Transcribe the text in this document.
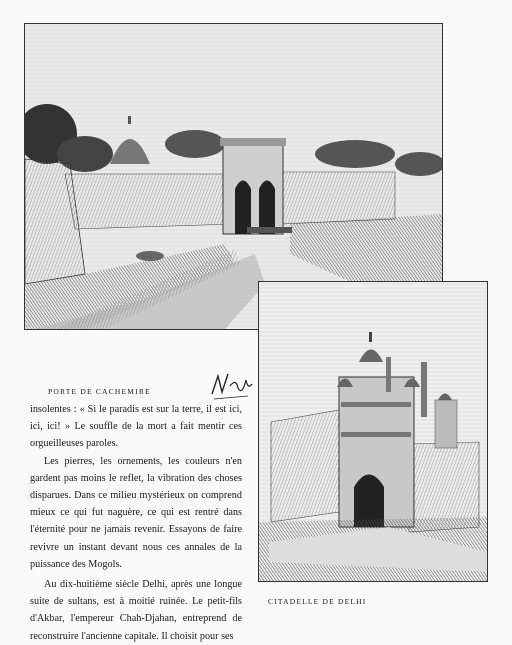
PORTE DE CACHEMIRE
CITADELLE DE DELHI

insolentes : « Si le paradis est sur la terre, il est ici, ici, ici! » Le souffle de la mort a fait mentir ces orgueilleuses paroles.

Les pierres, les ornements, les couleurs n'en gardent pas moins le reflet, la vibration des choses disparues. Dans ce milieu mystérieux on comprend mieux ce qui fut naguère, ce qui est rentré dans l'éternité pour ne jamais revenir. Essayons de faire revivre un instant devant nous ces annales de la puissance des Mogols.

Au dix-huitième siècle Delhi, après une longue suite de sultans, est à moitié ruinée. Le petit-fils d'Akbar, l'empereur Chah-Djahan, entreprend de reconstruire l'ancienne capitale. Il choisit pour ses
